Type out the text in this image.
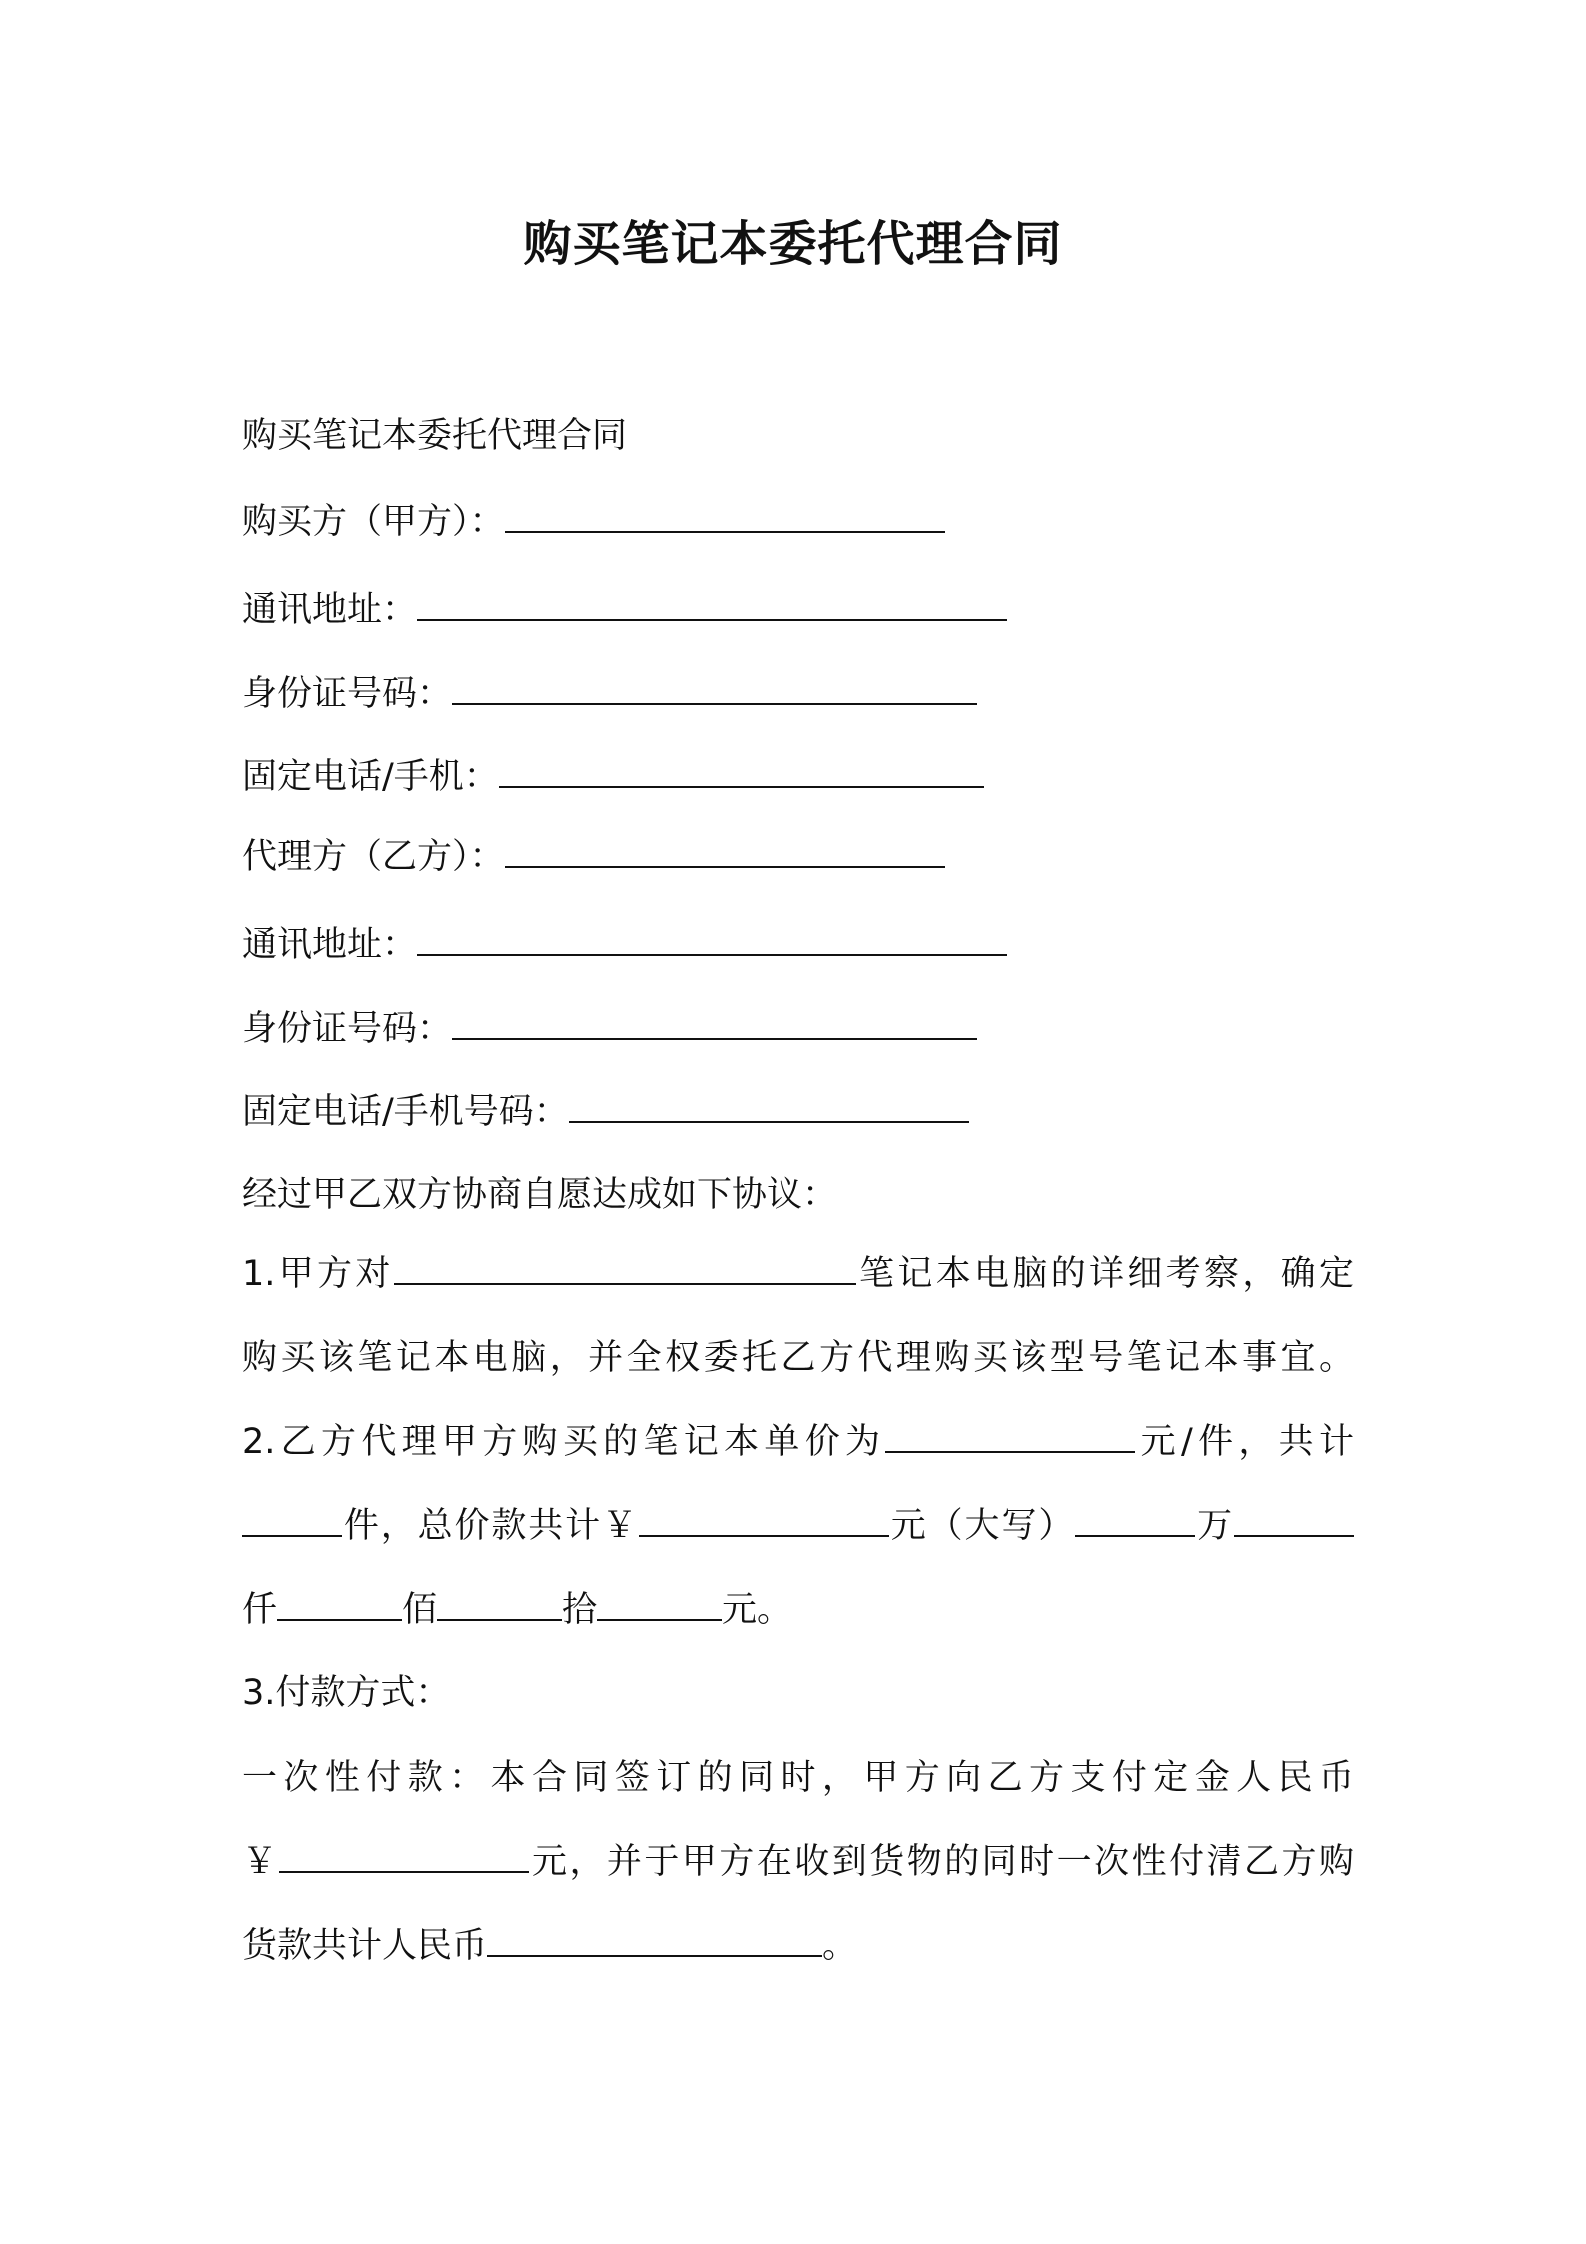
购买笔记本委托代理合同
购买笔记本委托代理合同
购买方（甲方）：
通讯地址：
身份证号码：
固定电话/手机：
代理方（乙方）：
通讯地址：
身份证号码：
固定电话/手机号码：
经过甲乙双方协商自愿达成如下协议：
1.甲方对	笔记本电脑的详细考察，确定
购买该笔记本电脑，并全权委托乙方代理购买该型号笔记本事宜。
2.乙方代理甲方购买的笔记本单价为	元/件，共计
件，总价款共计￥	元（大写）	万
仟	佰	拾	元。
3.付款方式：
一次性付款：本合同签订的同时，甲方向乙方支付定金人民币
￥	元，并于甲方在收到货物的同时一次性付清乙方购
货款共计人民币	。
